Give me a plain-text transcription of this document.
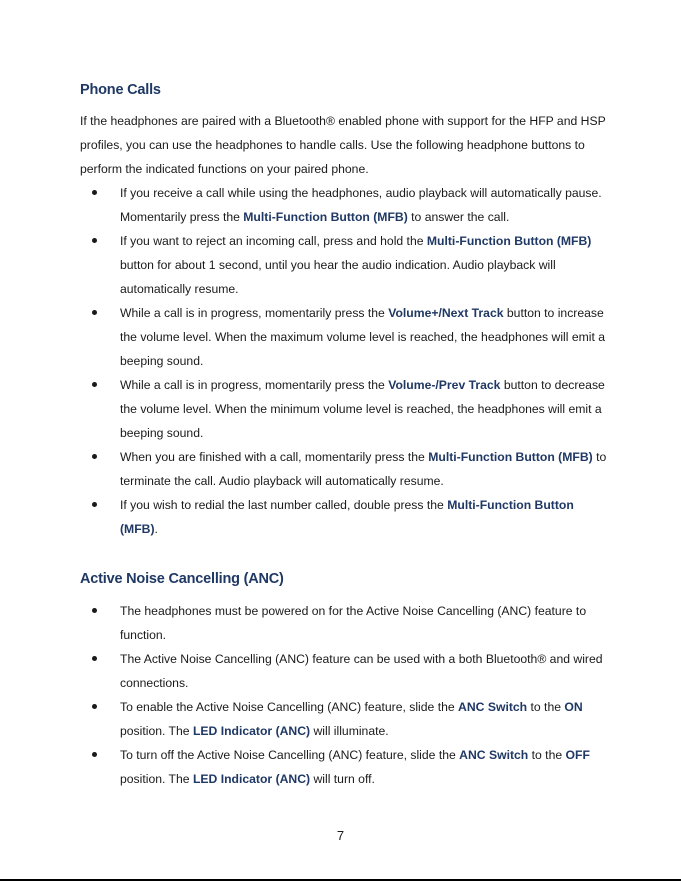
Phone Calls

If the headphones are paired with a Bluetooth® enabled phone with support for the HFP and HSP profiles, you can use the headphones to handle calls. Use the following headphone buttons to perform the indicated functions on your paired phone.

If you receive a call while using the headphones, audio playback will automatically pause. Momentarily press the Multi-Function Button (MFB) to answer the call.
If you want to reject an incoming call, press and hold the Multi-Function Button (MFB) button for about 1 second, until you hear the audio indication. Audio playback will automatically resume.
While a call is in progress, momentarily press the Volume+/Next Track button to increase the volume level. When the maximum volume level is reached, the headphones will emit a beeping sound.
While a call is in progress, momentarily press the Volume-/Prev Track button to decrease the volume level. When the minimum volume level is reached, the headphones will emit a beeping sound.
When you are finished with a call, momentarily press the Multi-Function Button (MFB) to terminate the call. Audio playback will automatically resume.
If you wish to redial the last number called, double press the Multi-Function Button (MFB).
Active Noise Cancelling (ANC)
The headphones must be powered on for the Active Noise Cancelling (ANC) feature to function.
The Active Noise Cancelling (ANC) feature can be used with a both Bluetooth® and wired connections.
To enable the Active Noise Cancelling (ANC) feature, slide the ANC Switch to the ON position. The LED Indicator (ANC) will illuminate.
To turn off the Active Noise Cancelling (ANC) feature, slide the ANC Switch to the OFF position. The LED Indicator (ANC) will turn off.
7
